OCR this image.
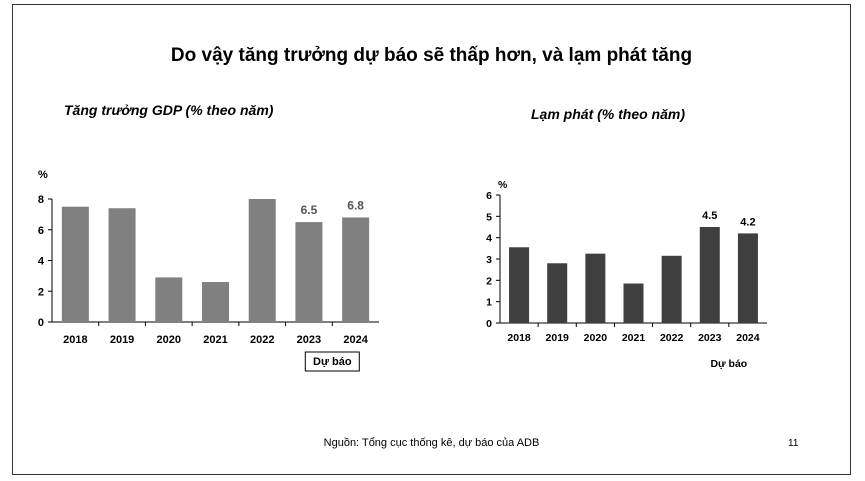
Do vậy tăng trưởng dự báo sẽ thấp hơn, và lạm phát tăng
Tăng trưởng GDP (% theo năm)	Lạm phát (% theo năm)
0
2
4
6
8
%
2018 2019 2020 2021 2022 2023
6.5
2024
6.8
Dự báo
0
1
2
3
4
5
6
%
2018 2019 2020 2021 2022 2023
4.5
2024
4.2
Dự báo
Nguồn: Tổng cục thống kê, dự báo của ADB	11
